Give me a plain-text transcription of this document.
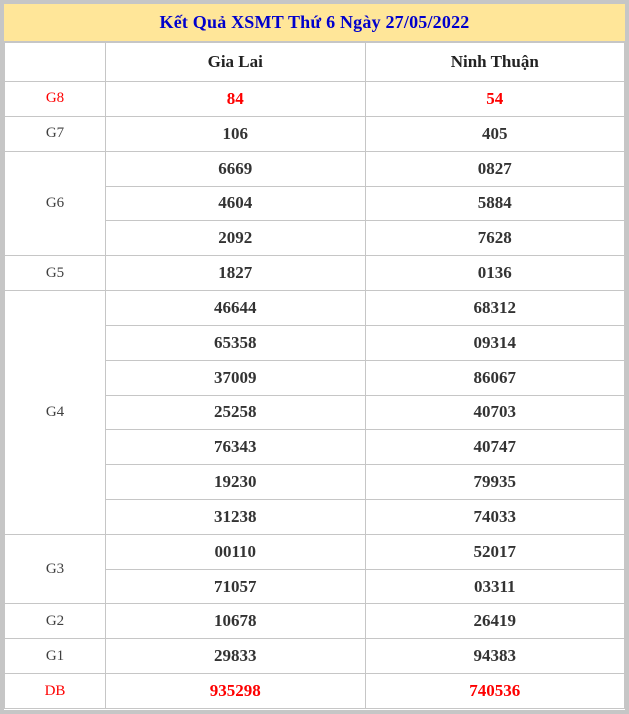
Kết Quả XSMT Thứ 6 Ngày 27/05/2022
	Gia Lai	Ninh Thuận
G8	84	54
G7	106	405
G6	6669	0827
	4604	5884
	2092	7628
G5	1827	0136
G4	46644	68312
	65358	09314
	37009	86067
	25258	40703
	76343	40747
	19230	79935
	31238	74033
G3	00110	52017
	71057	03311
G2	10678	26419
G1	29833	94383
DB	935298	740536
